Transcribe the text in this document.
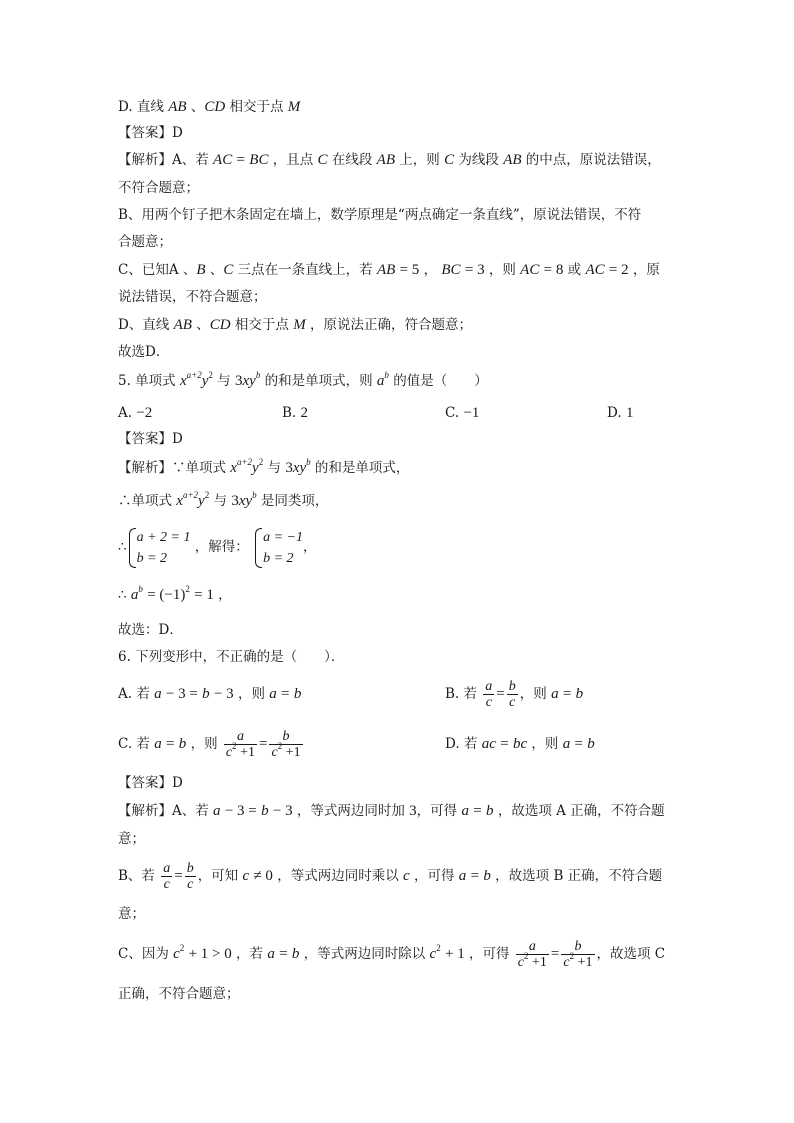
D. 直线 AB 、CD 相交于点 M
【答案】D
【解析】A、若 AC = BC ，且点 C 在线段 AB 上，则 C 为线段 AB 的中点，原说法错误，
不符合题意；
B、用两个钉子把木条固定在墙上，数学原理是“两点确定一条直线”，原说法错误，不符
合题意；
C、已知A 、B 、C 三点在一条直线上，若 AB = 5 ， BC = 3 ，则 AC = 8 或 AC = 2 ，原
说法错误，不符合题意；
D、直线 AB 、CD 相交于点 M ，原说法正确，符合题意；
故选D．
5. 单项式 $x^{a+2}y^2$ 与 $3xy^b$ 的和是单项式，则 $a^b$ 的值是（　　）
A. −2	B. 2	C. −1	D. 1
【答案】D
【解析】∵单项式 $x^{a+2}y^2$ 与 $3xy^b$ 的和是单项式，
∴单项式 $x^{a+2}y^2$ 与 $3xy^b$ 是同类项，
∴
a + 2 = 1
b = 2
，解得：
a = −1
b = 2
，
∴ $a^b = (-1)^2 = 1$ ，
故选：D．
6. 下列变形中，不正确的是（　　）．
A. 若 a − 3 = b − 3 ，则 a = b	B. 若 $\frac{a}{c} = \frac{b}{c}$ ，则 a = b
C. 若 a = b ，则 $\frac{a}{c^2 +1} = \frac{b}{c^2 +1}$	D. 若 ac = bc ，则 a = b
【答案】D
【解析】A、若 a − 3 = b − 3 ，等式两边同时加 3，可得 a = b ，故选项 A 正确，不符合题
意；
B、若 $\frac{a}{c} = \frac{b}{c}$ ，可知 c ≠ 0 ，等式两边同时乘以 c ，可得 a = b ，故选项 B 正确，不符合题
意；
C、因为 $c^2 + 1 > 0$ ，若 a = b ，等式两边同时除以 $c^2 + 1$ ，可得 $\frac{a}{c^2 +1} = \frac{b}{c^2 +1}$ ，故选项 C
正确，不符合题意；
